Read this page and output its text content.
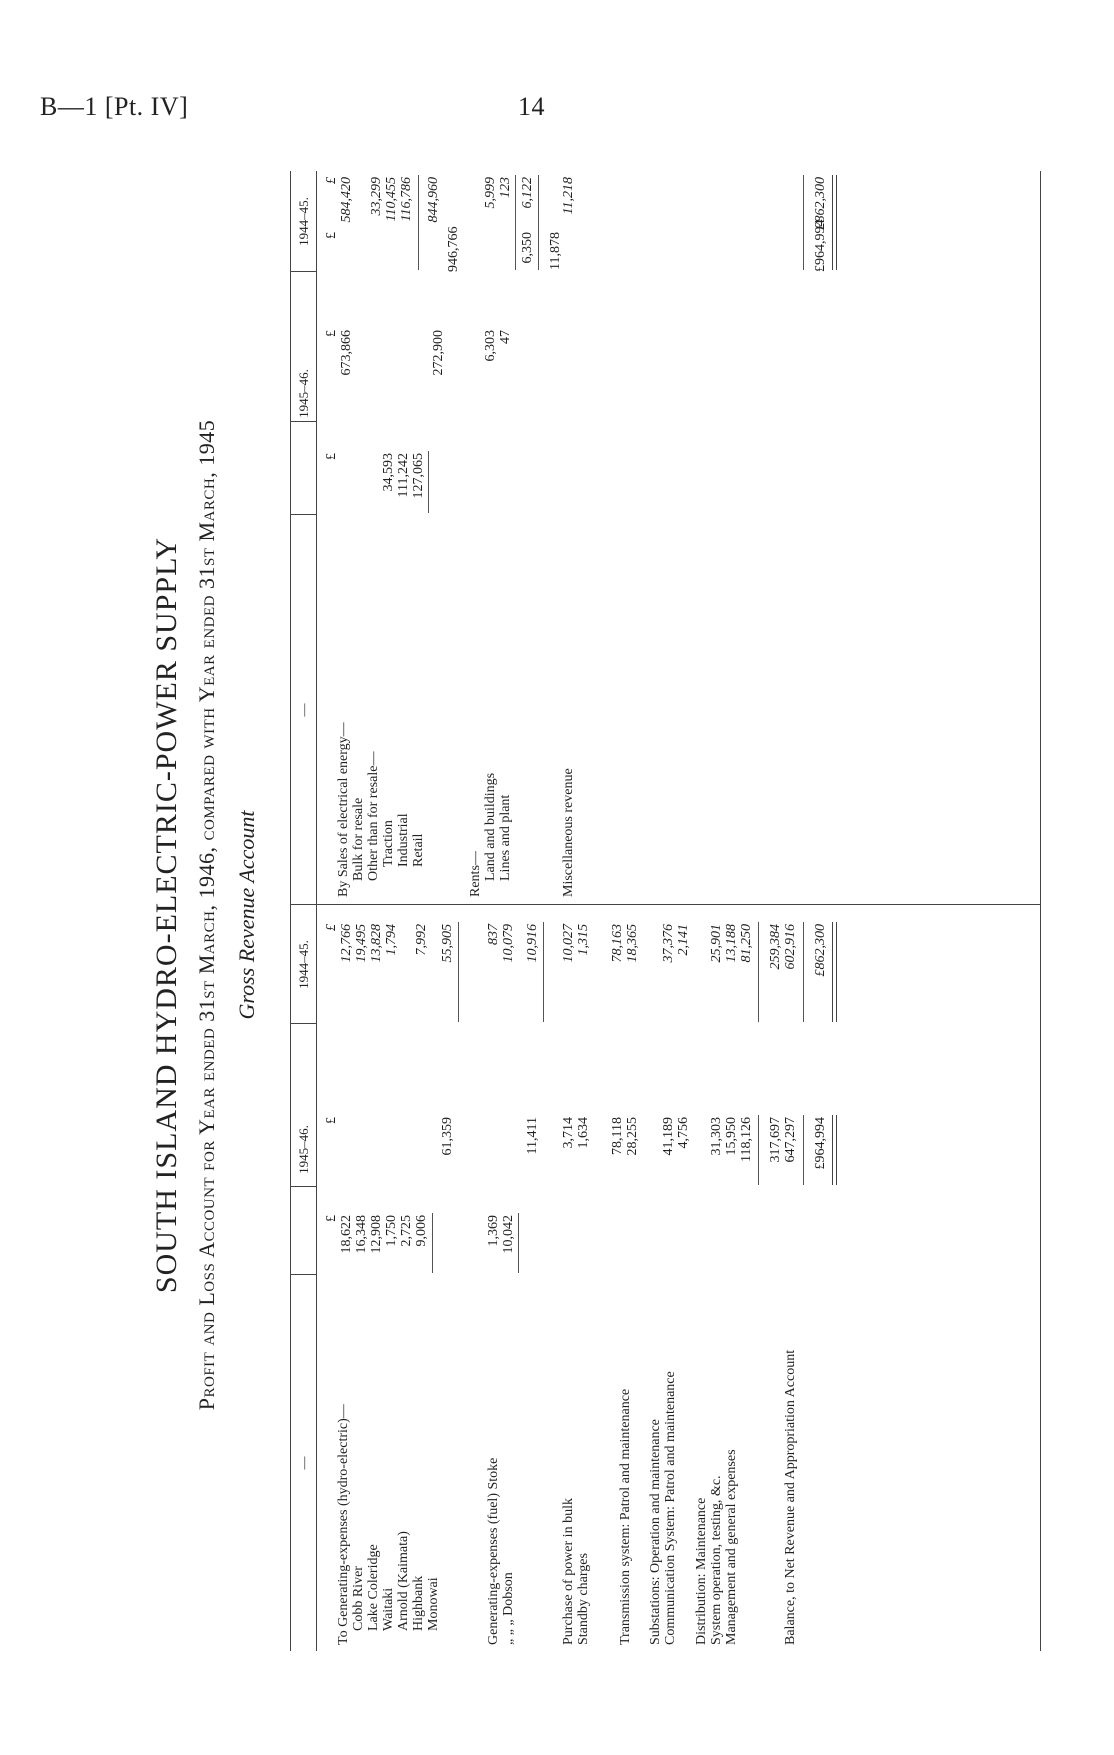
B—1 [Pt. IV]	14
SOUTH ISLAND HYDRO-ELECTRIC-POWER SUPPLY Profit and Loss Account for Year ended 31st March, 1946, compared with Year ended 31st March, 1945 Gross Revenue Account
—
1945–46.
1944–45.
—
1945–46.
1944–45.
£
£
£
To Generating-expenses (hydro-electric)— Cobb River
18,622
12,766
Lake Coleridge
16,348
19,495
Waitaki
12,908
13,828
Arnold (Kaimata)
1,750
1,794
Highbank
2,725
Monowai
9,006
7,992
61,359
55,905
Generating-expenses (fuel) Stoke
1,369
837
„ „ „ Dobson
10,042
10,079
11,411
10,916
Purchase of power in bulk
3,714
10,027
Standby charges
1,634
1,315
Transmission system: Patrol and maintenance
78,118
78,163
Substations: Operation and maintenance
28,255
18,365
Communication System: Patrol and maintenance
41,189
37,376
Distribution: Maintenance
4,756
2,141
System operation, testing, &c.
31,303
25,901
Management and general expenses
15,950
13,188
118,126
81,250
317,697
259,384
Balance, to Net Revenue and Appropriation Account
647,297
602,916
£964,994
£862,300
£
£
£
£
By Sales of electrical energy— Bulk for resale
673,866
584,420
Other than for resale— Traction
34,593
33,299
Industrial
111,242
110,455
Retail
127,065
116,786
272,900
946,766
844,960
Rents— Land and buildings
6,303
5,999
Lines and plant
47
123
6,350
6,122
Miscellaneous revenue
11,878
11,218
£964,994
£862,300
